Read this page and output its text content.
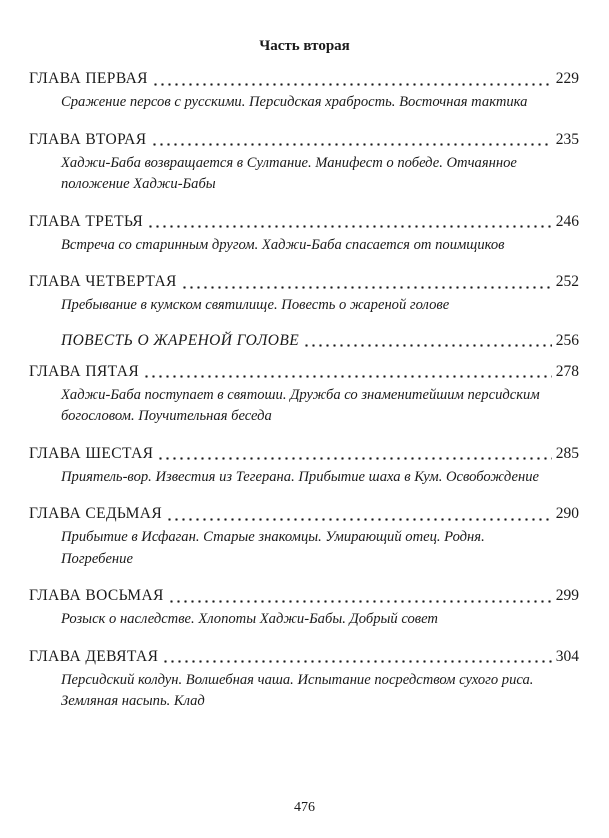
Часть вторая
ГЛАВА ПЕРВАЯ	229
Сражение персов с русскими. Персидская храбрость. Восточная тактика
ГЛАВА ВТОРАЯ	235
Хаджи-Баба возвращается в Султание. Манифест о победе. Отчаянное положение Хаджи-Бабы
ГЛАВА ТРЕТЬЯ	246
Встреча со старинным другом. Хаджи-Баба спасается от поимщиков
ГЛАВА ЧЕТВЕРТАЯ	252
Пребывание в кумском святилище. Повесть о жареной голове
ПОВЕСТЬ О ЖАРЕНОЙ ГОЛОВЕ	256
ГЛАВА ПЯТАЯ	278
Хаджи-Баба поступает в святоши. Дружба со знаменитейшим персидским богословом. Поучительная беседа
ГЛАВА ШЕСТАЯ	285
Приятель-вор. Известия из Тегерана. Прибытие шаха в Кум. Освобождение
ГЛАВА СЕДЬМАЯ	290
Прибытие в Исфаган. Старые знакомцы. Умирающий отец. Родня. Погребение
ГЛАВА ВОСЬМАЯ	299
Розыск о наследстве. Хлопоты Хаджи-Бабы. Добрый совет
ГЛАВА ДЕВЯТАЯ	304
Персидский колдун. Волшебная чаша. Испытание посредством сухого риса. Земляная насыпь. Клад
476
